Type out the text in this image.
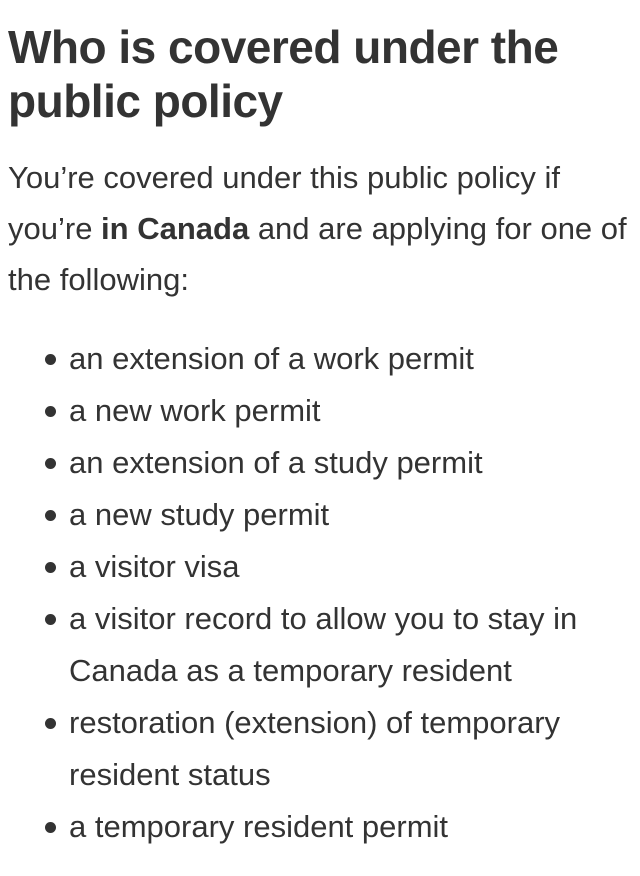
Who is covered under the public policy

You’re covered under this public policy if you’re in Canada and are applying for one of the following:

an extension of a work permit
a new work permit
an extension of a study permit
a new study permit
a visitor visa
a visitor record to allow you to stay in Canada as a temporary resident
restoration (extension) of temporary resident status
a temporary resident permit
